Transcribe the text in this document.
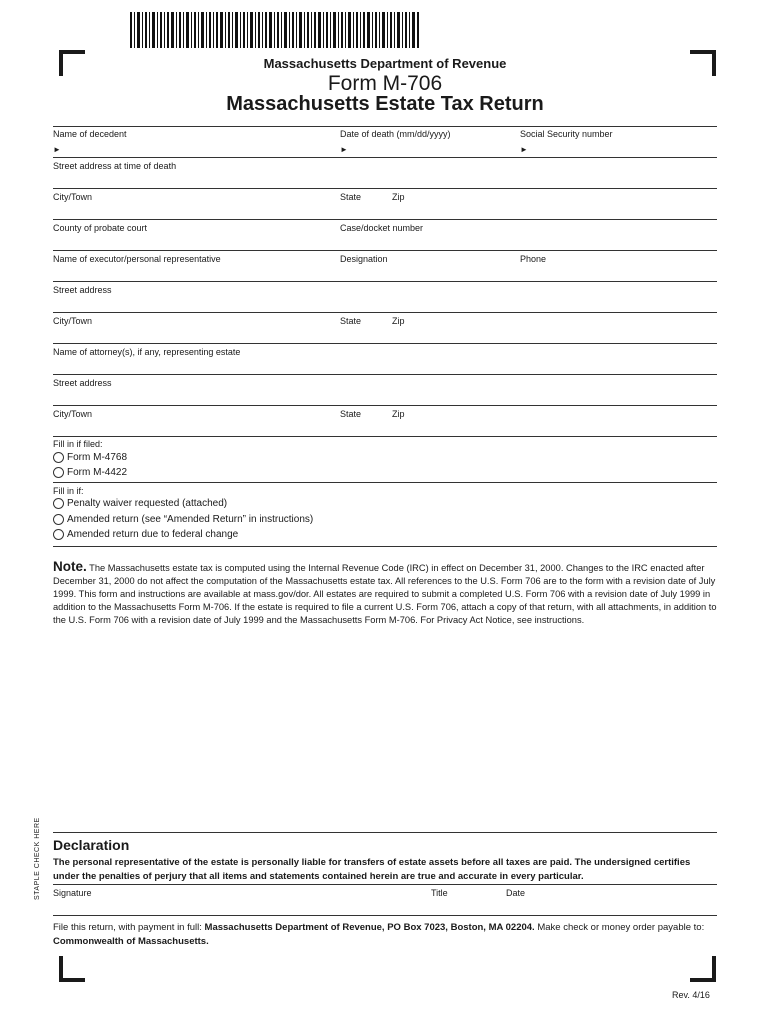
Massachusetts Department of Revenue
Form M-706
Massachusetts Estate Tax Return
Name of decedent	Date of death (mm/dd/yyyy)	Social Security number
►	►	►
Street address at time of death
City/Town	State	Zip
County of probate court	Case/docket number
Name of executor/personal representative	Designation	Phone
Street address
City/Town	State	Zip
Name of attorney(s), if any, representing estate
Street address
City/Town	State	Zip
Fill in if filed:
Form M-4768
Form M-4422
Fill in if:
Penalty waiver requested (attached)
Amended return (see “Amended Return” in instructions)
Amended return due to federal change
Note. The Massachusetts estate tax is computed using the Internal Revenue Code (IRC) in effect on December 31, 2000. Changes to the IRC enacted after December 31, 2000 do not affect the computation of the Massachusetts estate tax. All references to the U.S. Form 706 are to the form with a revision date of July 1999. This form and instructions are available at mass.gov/dor. All estates are required to submit a completed U.S. Form 706 with a revision date of July 1999 in addition to the Massachusetts Form M-706. If the estate is required to file a current U.S. Form 706, attach a copy of that return, with all attachments, in addition to the U.S. Form 706 with a revision date of July 1999 and the Massachusetts Form M-706. For Privacy Act Notice, see instructions.
STAPLE CHECK HERE Declaration
The personal representative of the estate is personally liable for transfers of estate assets before all taxes are paid. The undersigned certifies under the penalties of perjury that all items and statements contained herein are true and accurate in every particular.
Signature	Title	Date
File this return, with payment in full: Massachusetts Department of Revenue, PO Box 7023, Boston, MA 02204. Make check or money order payable to: Commonwealth of Massachusetts.
Rev. 4/16
